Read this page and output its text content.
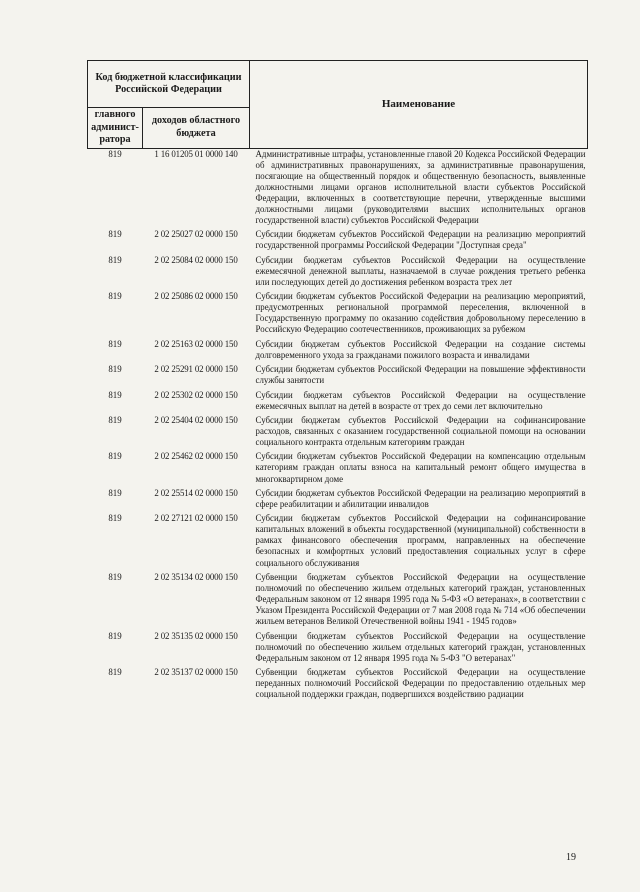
Код бюджетной классификации Российской Федерации		Наименование
главного админист-ратора	доходов областного бюджета	
819	1 16 01205 01 0000 140	Административные штрафы, установленные главой 20 Кодекса Российской Федерации об административных правонарушениях, за административные правонарушения, посягающие на общественный порядок и общественную безопасность, выявленные должностными лицами органов исполнительной власти субъектов Российской Федерации, включенных в соответствующие перечни, утвержденные высшими должностными лицами (руководителями высших исполнительных органов государственной власти) субъектов Российской Федерации
819	2 02 25027 02 0000 150	Субсидии бюджетам субъектов Российской Федерации на реализацию мероприятий государственной программы Российской Федерации "Доступная среда"
819	2 02 25084 02 0000 150	Субсидии бюджетам субъектов Российской Федерации на осуществление ежемесячной денежной выплаты, назначаемой в случае рождения третьего ребенка или последующих детей до достижения ребенком возраста трех лет
819	2 02 25086 02 0000 150	Субсидии бюджетам субъектов Российской Федерации на реализацию мероприятий, предусмотренных региональной программой переселения, включенной в Государственную программу по оказанию содействия добровольному переселению в Российскую Федерацию соотечественников, проживающих за рубежом
819	2 02 25163 02 0000 150	Субсидии бюджетам субъектов Российской Федерации на создание системы долговременного ухода за гражданами пожилого возраста и инвалидами
819	2 02 25291 02 0000 150	Субсидии бюджетам субъектов Российской Федерации на повышение эффективности службы занятости
819	2 02 25302 02 0000 150	Субсидии бюджетам субъектов Российской Федерации на осуществление ежемесячных выплат на детей в возрасте от трех до семи лет включительно
819	2 02 25404 02 0000 150	Субсидии бюджетам субъектов Российской Федерации на софинансирование расходов, связанных с оказанием государственной социальной помощи на основании социального контракта отдельным категориям граждан
819	2 02 25462 02 0000 150	Субсидии бюджетам субъектов Российской Федерации на компенсацию отдельным категориям граждан оплаты взноса на капитальный ремонт общего имущества в многоквартирном доме
819	2 02 25514 02 0000 150	Субсидии бюджетам субъектов Российской Федерации на реализацию мероприятий в сфере реабилитации и абилитации инвалидов
819	2 02 27121 02 0000 150	Субсидии бюджетам субъектов Российской Федерации на софинансирование капитальных вложений в объекты государственной (муниципальной) собственности в рамках финансового обеспечения программ, направленных на обеспечение безопасных и комфортных условий предоставления социальных услуг в сфере социального обслуживания
819	2 02 35134 02 0000 150	Субвенции бюджетам субъектов Российской Федерации на осуществление полномочий по обеспечению жильем отдельных категорий граждан, установленных Федеральным законом от 12 января 1995 года № 5-ФЗ «О ветеранах», в соответствии с Указом Президента Российской Федерации от 7 мая 2008 года № 714 «Об обеспечении жильем ветеранов Великой Отечественной войны 1941 - 1945 годов»
819	2 02 35135 02 0000 150	Субвенции бюджетам субъектов Российской Федерации на осуществление полномочий по обеспечению жильем отдельных категорий граждан, установленных Федеральным законом от 12 января 1995 года № 5-ФЗ "О ветеранах"
819	2 02 35137 02 0000 150	Субвенции бюджетам субъектов Российской Федерации на осуществление переданных полномочий Российской Федерации по предоставлению отдельных мер социальной поддержки граждан, подвергшихся воздействию радиации
19
